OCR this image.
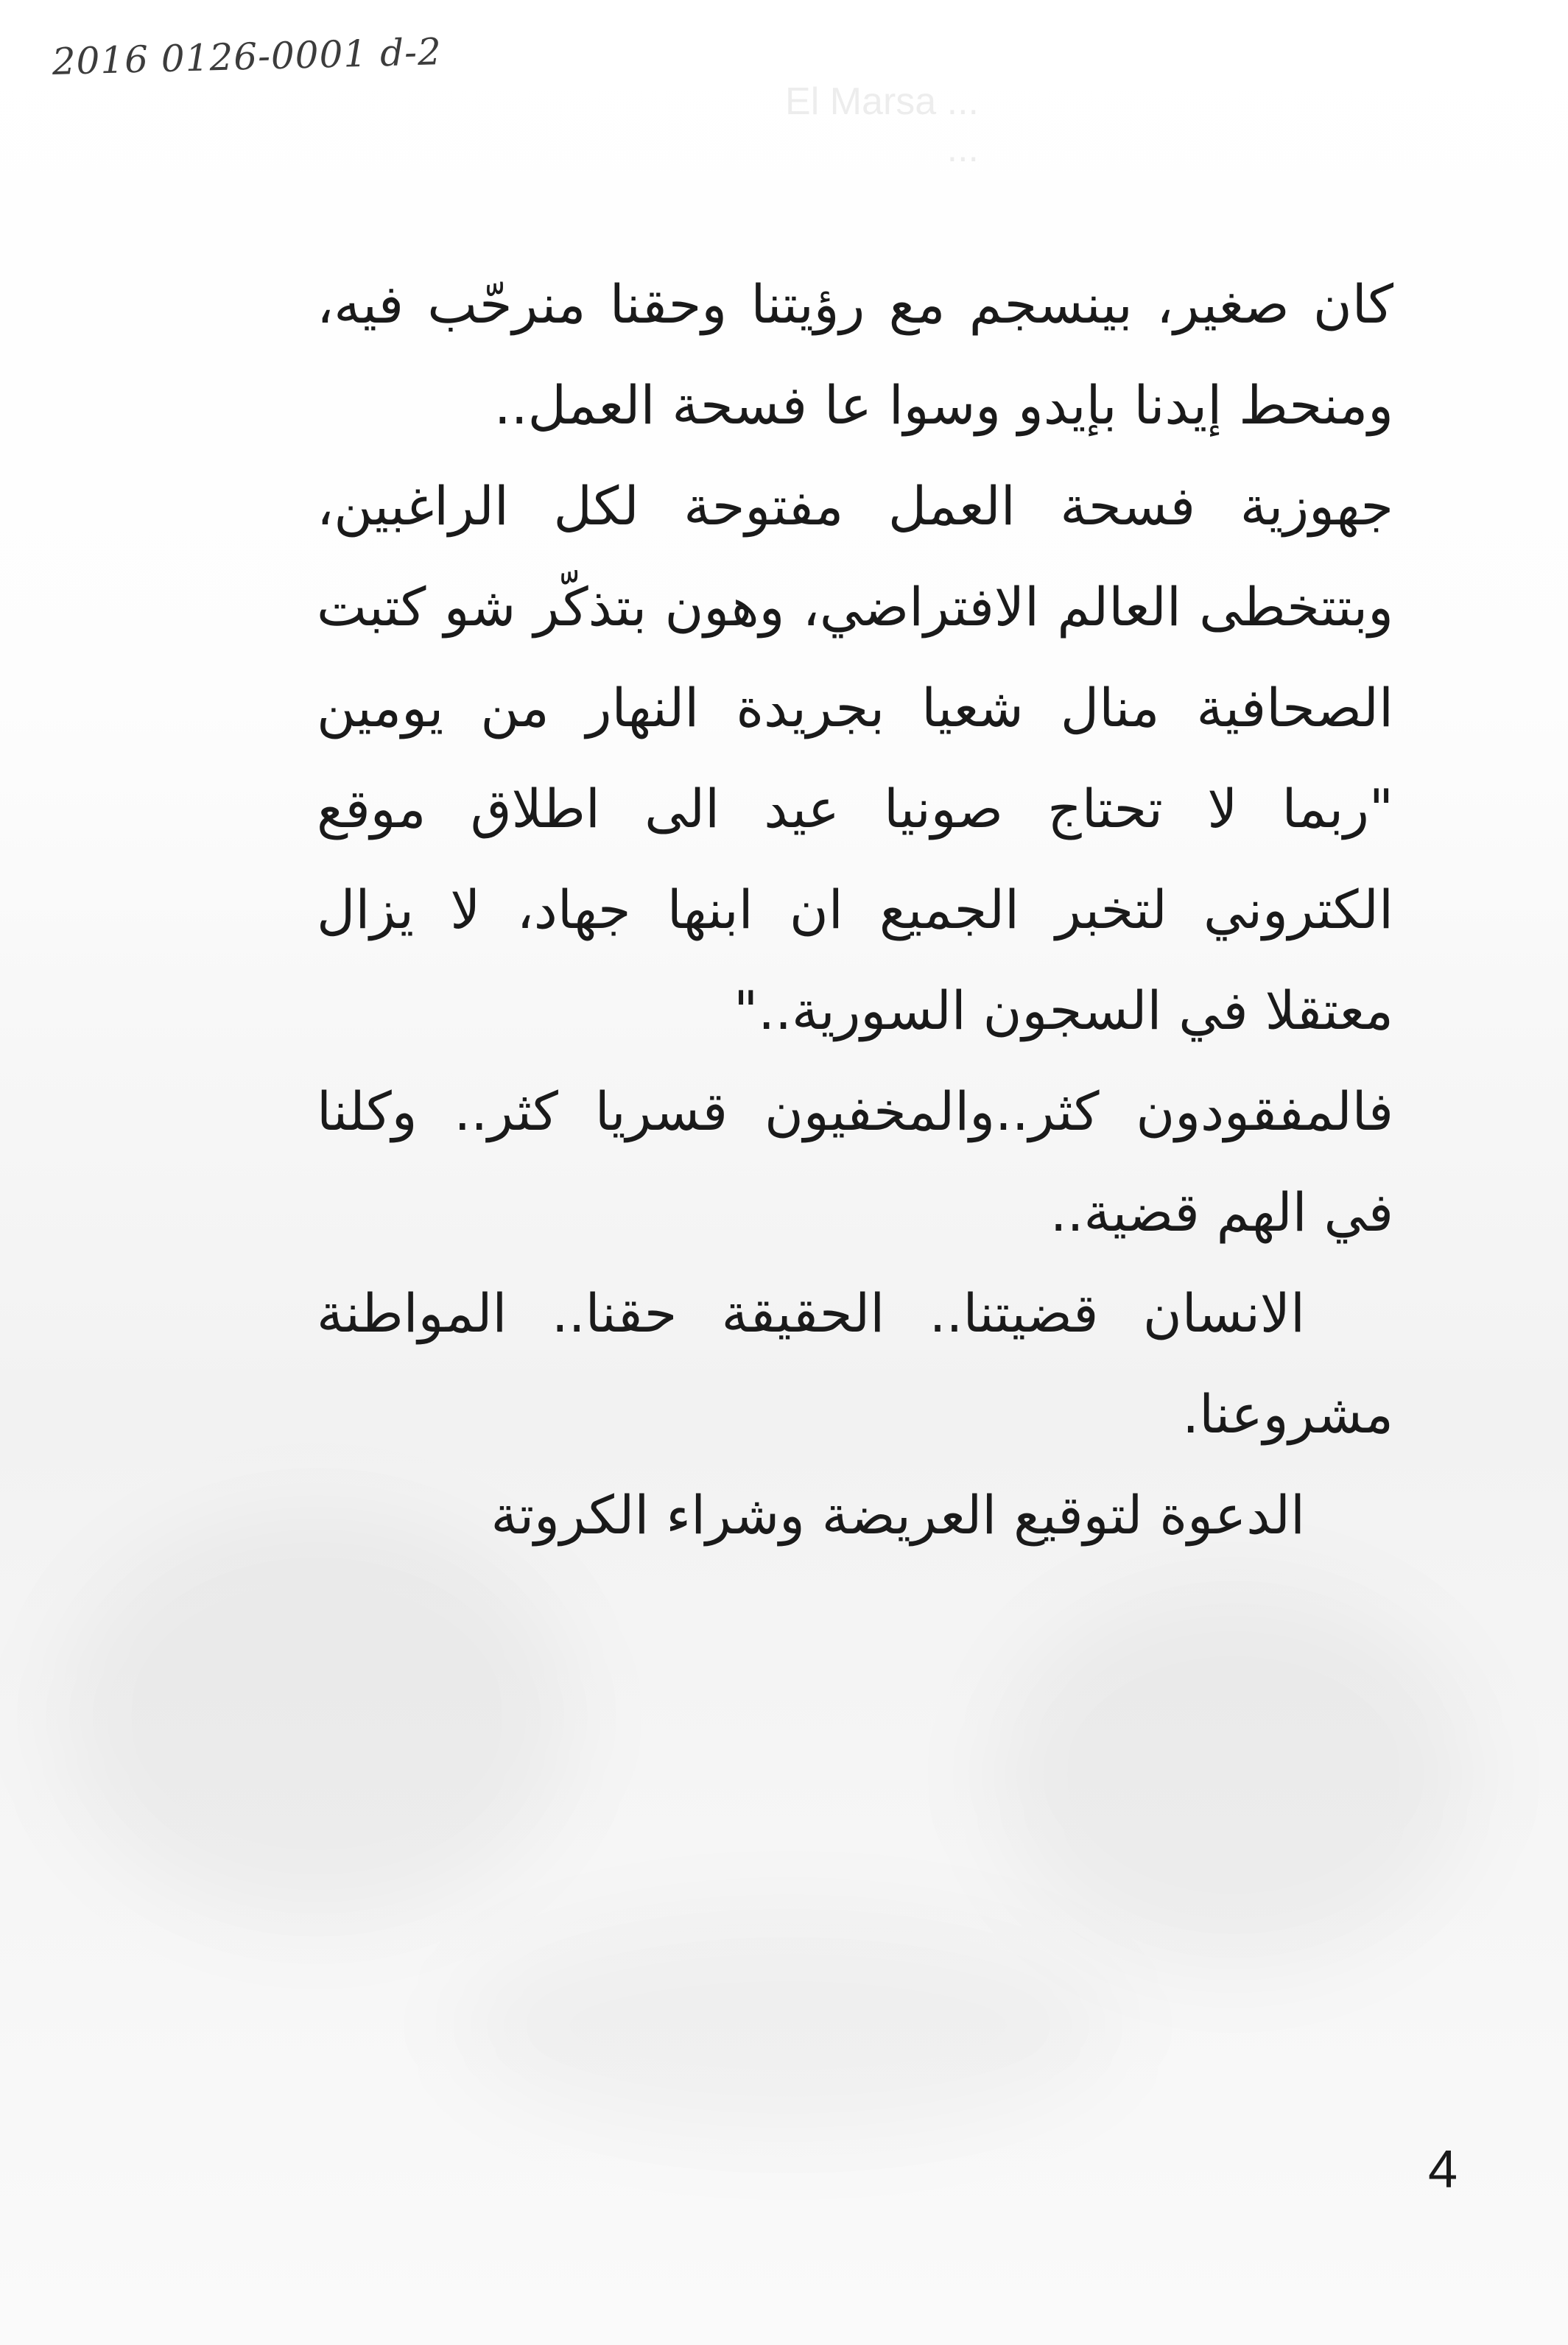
2016 0126-0001 d-2
El Marsa ...
...

كان صغير، بينسجم مع رؤيتنا وحقنا منرحّب فيه، ومنحط إيدنا بإيدو وسوا عا فسحة العمل..

جهوزية فسحة العمل مفتوحة لكل الراغبين، وبتتخطى العالم الافتراضي، وهون بتذكّر شو كتبت الصحافية منال شعيا بجريدة النهار من يومين "ربما لا تحتاج صونيا عيد الى اطلاق موقع الكتروني لتخبر الجميع ان ابنها جهاد، لا يزال معتقلا في السجون السورية.."

فالمفقودون كثر..والمخفيون قسريا كثر.. وكلنا في الهم قضية..

الانسان قضيتنا.. الحقيقة حقنا.. المواطنة مشروعنا.

الدعوة لتوقيع العريضة وشراء الكروتة

4
